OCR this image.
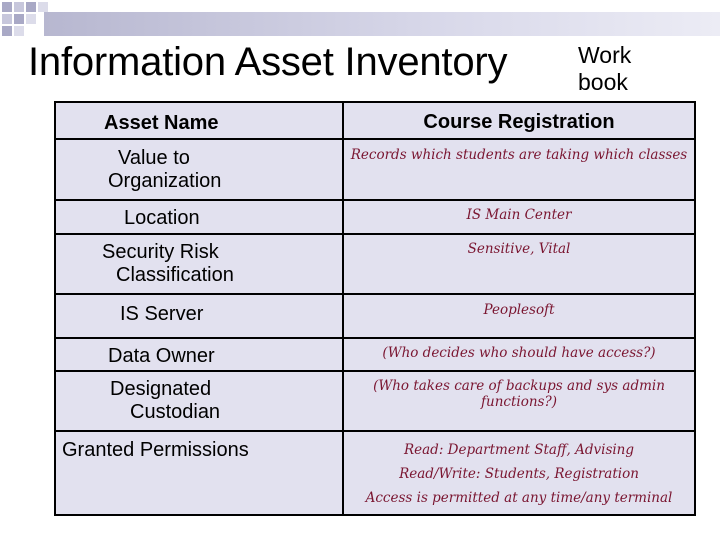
Information Asset Inventory	Work
book
Asset Name	Course Registration

Value to
Organization	Records which students are taking which classes
Location	IS Main Center

Security Risk
Classification	Sensitive, Vital
IS Server	Peoplesoft
Data Owner	(Who decides who should have access?)

Designated
Custodian	(Who takes care of backups and sys admin functions?)
Granted Permissions	Read: Department Staff, Advising
Read/Write: Students, Registration
Access is permitted at any time/any terminal
